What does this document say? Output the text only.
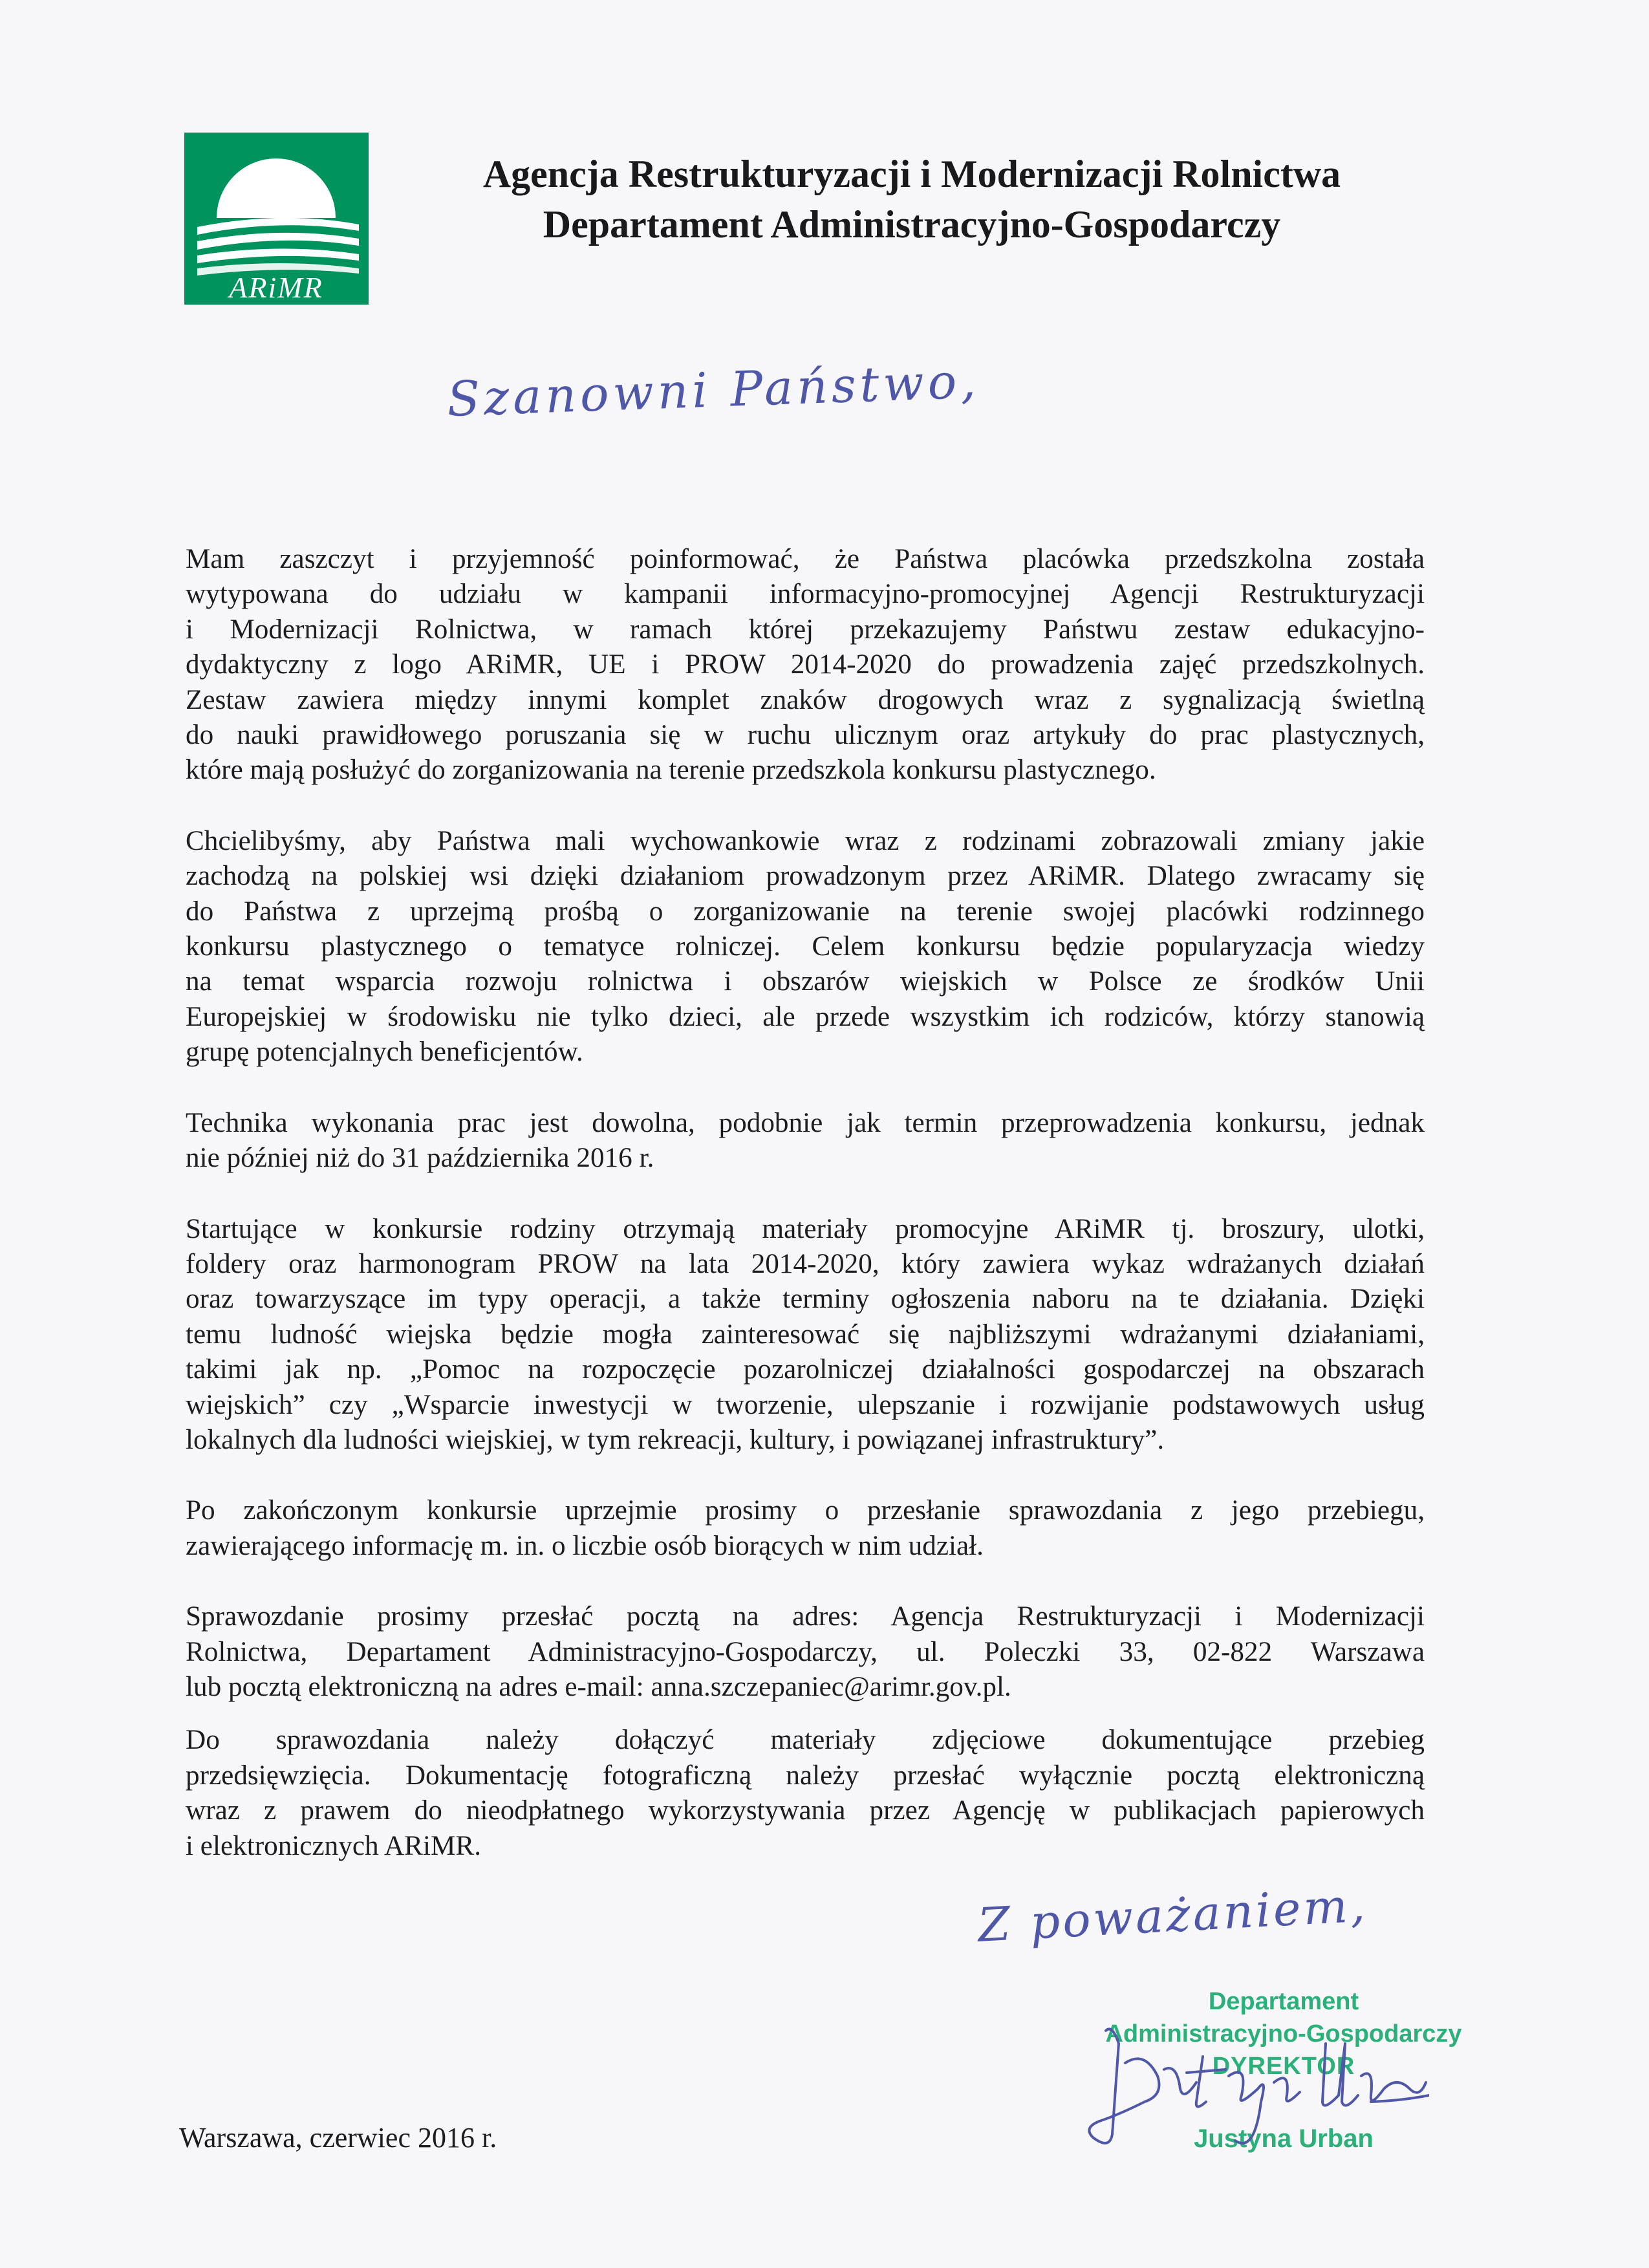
ARiMR
Agencja Restrukturyzacji i Modernizacji Rolnictwa
Departament Administracyjno-Gospodarczy
Szanowni Państwo,

Mam zaszczyt i przyjemność poinformować, że Państwa placówka przedszkolna została
wytypowana do udziału w kampanii informacyjno-promocyjnej Agencji Restrukturyzacji
i Modernizacji Rolnictwa, w ramach której przekazujemy Państwu zestaw edukacyjno-
dydaktyczny z logo ARiMR, UE i PROW 2014-2020 do prowadzenia zajęć przedszkolnych.
Zestaw zawiera między innymi komplet znaków drogowych wraz z sygnalizacją świetlną
do nauki prawidłowego poruszania się w ruchu ulicznym oraz artykuły do prac plastycznych,
które mają posłużyć do zorganizowania na terenie przedszkola konkursu plastycznego.

Chcielibyśmy, aby Państwa mali wychowankowie wraz z rodzinami zobrazowali zmiany jakie
zachodzą na polskiej wsi dzięki działaniom prowadzonym przez ARiMR. Dlatego zwracamy się
do Państwa z uprzejmą prośbą o zorganizowanie na terenie swojej placówki rodzinnego
konkursu plastycznego o tematyce rolniczej. Celem konkursu będzie popularyzacja wiedzy
na temat wsparcia rozwoju rolnictwa i obszarów wiejskich w Polsce ze środków Unii
Europejskiej w środowisku nie tylko dzieci, ale przede wszystkim ich rodziców, którzy stanowią
grupę potencjalnych beneficjentów.

Technika wykonania prac jest dowolna, podobnie jak termin przeprowadzenia konkursu, jednak
nie później niż do 31 października 2016 r.

Startujące w konkursie rodziny otrzymają materiały promocyjne ARiMR tj. broszury, ulotki,
foldery oraz harmonogram PROW na lata 2014-2020, który zawiera wykaz wdrażanych działań
oraz towarzyszące im typy operacji, a także terminy ogłoszenia naboru na te działania. Dzięki
temu ludność wiejska będzie mogła zainteresować się najbliższymi wdrażanymi działaniami,
takimi jak np. „Pomoc na rozpoczęcie pozarolniczej działalności gospodarczej na obszarach
wiejskich” czy „Wsparcie inwestycji w tworzenie, ulepszanie i rozwijanie podstawowych usług
lokalnych dla ludności wiejskiej, w tym rekreacji, kultury, i powiązanej infrastruktury”.

Po zakończonym konkursie uprzejmie prosimy o przesłanie sprawozdania z jego przebiegu,
zawierającego informację m. in. o liczbie osób biorących w nim udział.

Sprawozdanie prosimy przesłać pocztą na adres: Agencja Restrukturyzacji i Modernizacji
Rolnictwa, Departament Administracyjno-Gospodarczy, ul. Poleczki 33, 02-822 Warszawa
lub pocztą elektroniczną na adres e-mail: anna.szczepaniec@arimr.gov.pl.

Do sprawozdania należy dołączyć materiały zdjęciowe dokumentujące przebieg
przedsięwzięcia. Dokumentację fotograficzną należy przesłać wyłącznie pocztą elektroniczną
wraz z prawem do nieodpłatnego wykorzystywania przez Agencję w publikacjach papierowych
i elektronicznych ARiMR.

Z poważaniem,
Departament
Administracyjno-Gospodarczy
DYREKTOR
Justyna Urban
Warszawa, czerwiec 2016 r.
